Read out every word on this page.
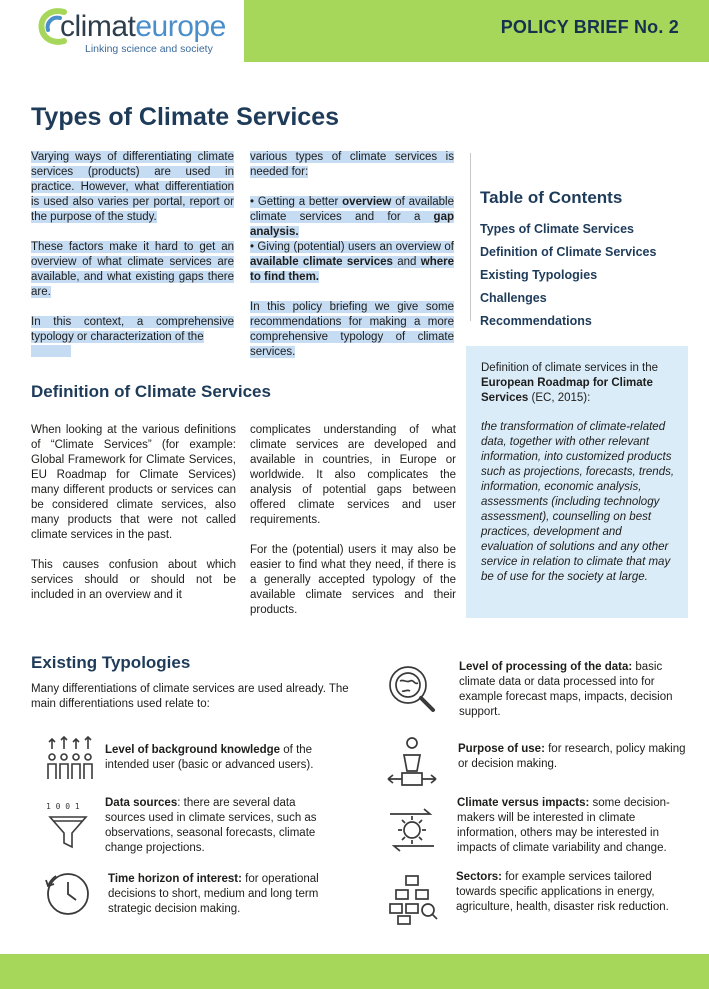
POLICY BRIEF No. 2
climateurope
Linking science and society
Types of Climate Services

Varying ways of differentiating climate services (products) are used in practice. However, what differentiation is used also varies per portal, report or the purpose of the study.

These factors make it hard to get an overview of what climate services are available, and what existing gaps there are.

In this context, a comprehensive typology or characterization of the

various types of climate services is needed for:

• Getting a better overview of available climate services and for a gap analysis.

• Giving (potential) users an overview of available climate services and where to find them.

In this policy briefing we give some recommendations for making a more comprehensive typology of climate services.

Table of Contents
Types of Climate Services
Definition of Climate Services
Existing Typologies
Challenges
Recommendations
Definition of climate services in the European Roadmap for Climate Services (EC, 2015):
the transformation of climate-related data, together with other relevant information, into customized products such as projections, forecasts, trends, information, economic analysis, assessments (including technology assessment), counselling on best practices, development and evaluation of solutions and any other service in relation to climate that may be of use for the society at large.
Definition of Climate Services

When looking at the various definitions of “Climate Services” (for example: Global Framework for Climate Services, EU Roadmap for Climate Services) many different products or services can be considered climate services, also many products that were not called climate services in the past.

This causes confusion about which services should or should not be included in an overview and it

complicates understanding of what climate services are developed and available in countries, in Europe or worldwide. It also complicates the analysis of potential gaps between offered climate services and user requirements.

For the (potential) users it may also be easier to find what they need, if there is a generally accepted typology of the available climate services and their products.

Existing Typologies
Many differentiations of climate services are used already. The main differentiations used relate to:
Level of background knowledge of the intended user (basic or advanced users).
1 0 0 1 Data sources: there are several data sources used in climate services, such as observations, seasonal forecasts, climate change projections.
Time horizon of interest: for operational decisions to short, medium and long term strategic decision making.
Level of processing of the data: basic climate data or data processed into for example forecast maps, impacts, decision support.
Purpose of use: for research, policy making or decision making.
Climate versus impacts: some decision-makers will be interested in climate information, others may be interested in impacts of climate variability and change.
Sectors: for example services tailored towards specific applications in energy, agriculture, health, disaster risk reduction.
